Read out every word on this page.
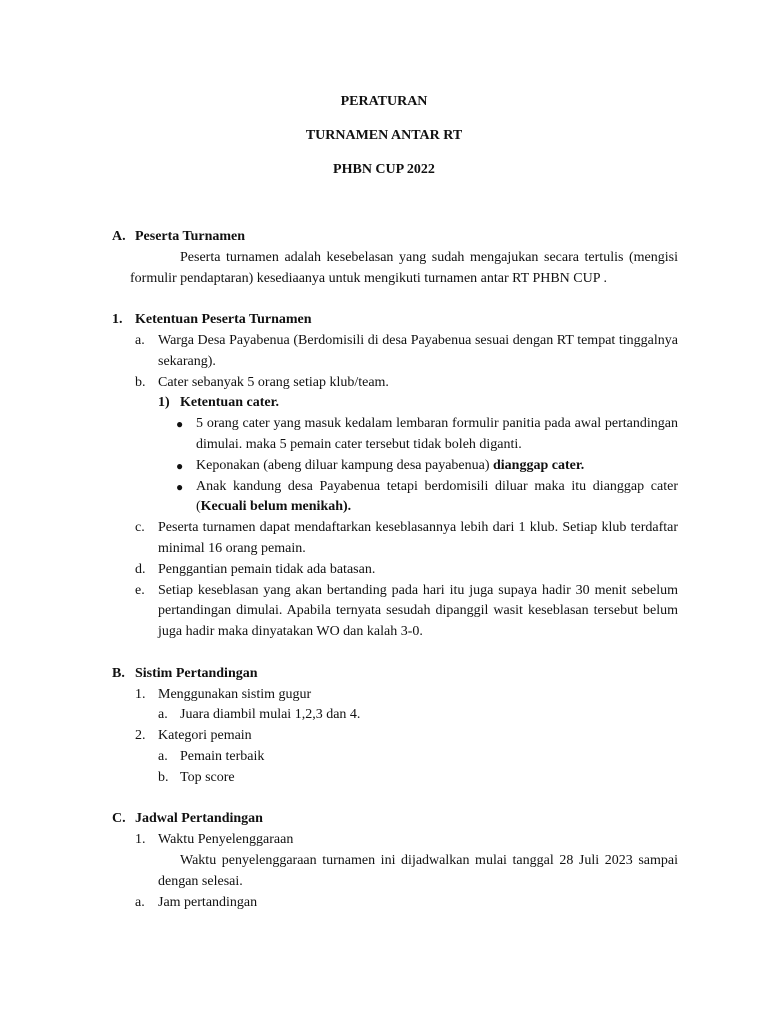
PERATURAN
TURNAMEN ANTAR RT
PHBN CUP 2022
A. Peserta Turnamen
Peserta turnamen adalah kesebelasan yang sudah mengajukan secara tertulis (mengisi formulir pendaptaran) kesediaanya untuk mengikuti turnamen antar RT PHBN CUP .
1. Ketentuan Peserta Turnamen
a. Warga Desa Payabenua (Berdomisili di desa Payabenua sesuai dengan RT tempat tinggalnya sekarang).
b. Cater sebanyak 5 orang setiap klub/team.
1) Ketentuan cater.
● 5 orang cater yang masuk kedalam lembaran formulir panitia pada awal pertandingan dimulai. maka 5 pemain cater tersebut tidak boleh diganti.
● Keponakan (abeng diluar kampung desa payabenua) dianggap cater.
● Anak kandung desa Payabenua tetapi berdomisili diluar maka itu dianggap cater (Kecuali belum menikah).
c. Peserta turnamen dapat mendaftarkan keseblasannya lebih dari 1 klub. Setiap klub terdaftar minimal 16 orang pemain.
d. Penggantian pemain tidak ada batasan.
e. Setiap keseblasan yang akan bertanding pada hari itu juga supaya hadir 30 menit sebelum pertandingan dimulai. Apabila ternyata sesudah dipanggil wasit keseblasan tersebut belum juga hadir maka dinyatakan WO dan kalah 3-0.
B. Sistim Pertandingan
1. Menggunakan sistim gugur
a. Juara diambil mulai 1,2,3 dan 4.
2. Kategori pemain
a. Pemain terbaik
b. Top score
C. Jadwal Pertandingan
1. Waktu Penyelenggaraan
Waktu penyelenggaraan turnamen ini dijadwalkan mulai tanggal 28 Juli 2023 sampai dengan selesai.
a. Jam pertandingan
